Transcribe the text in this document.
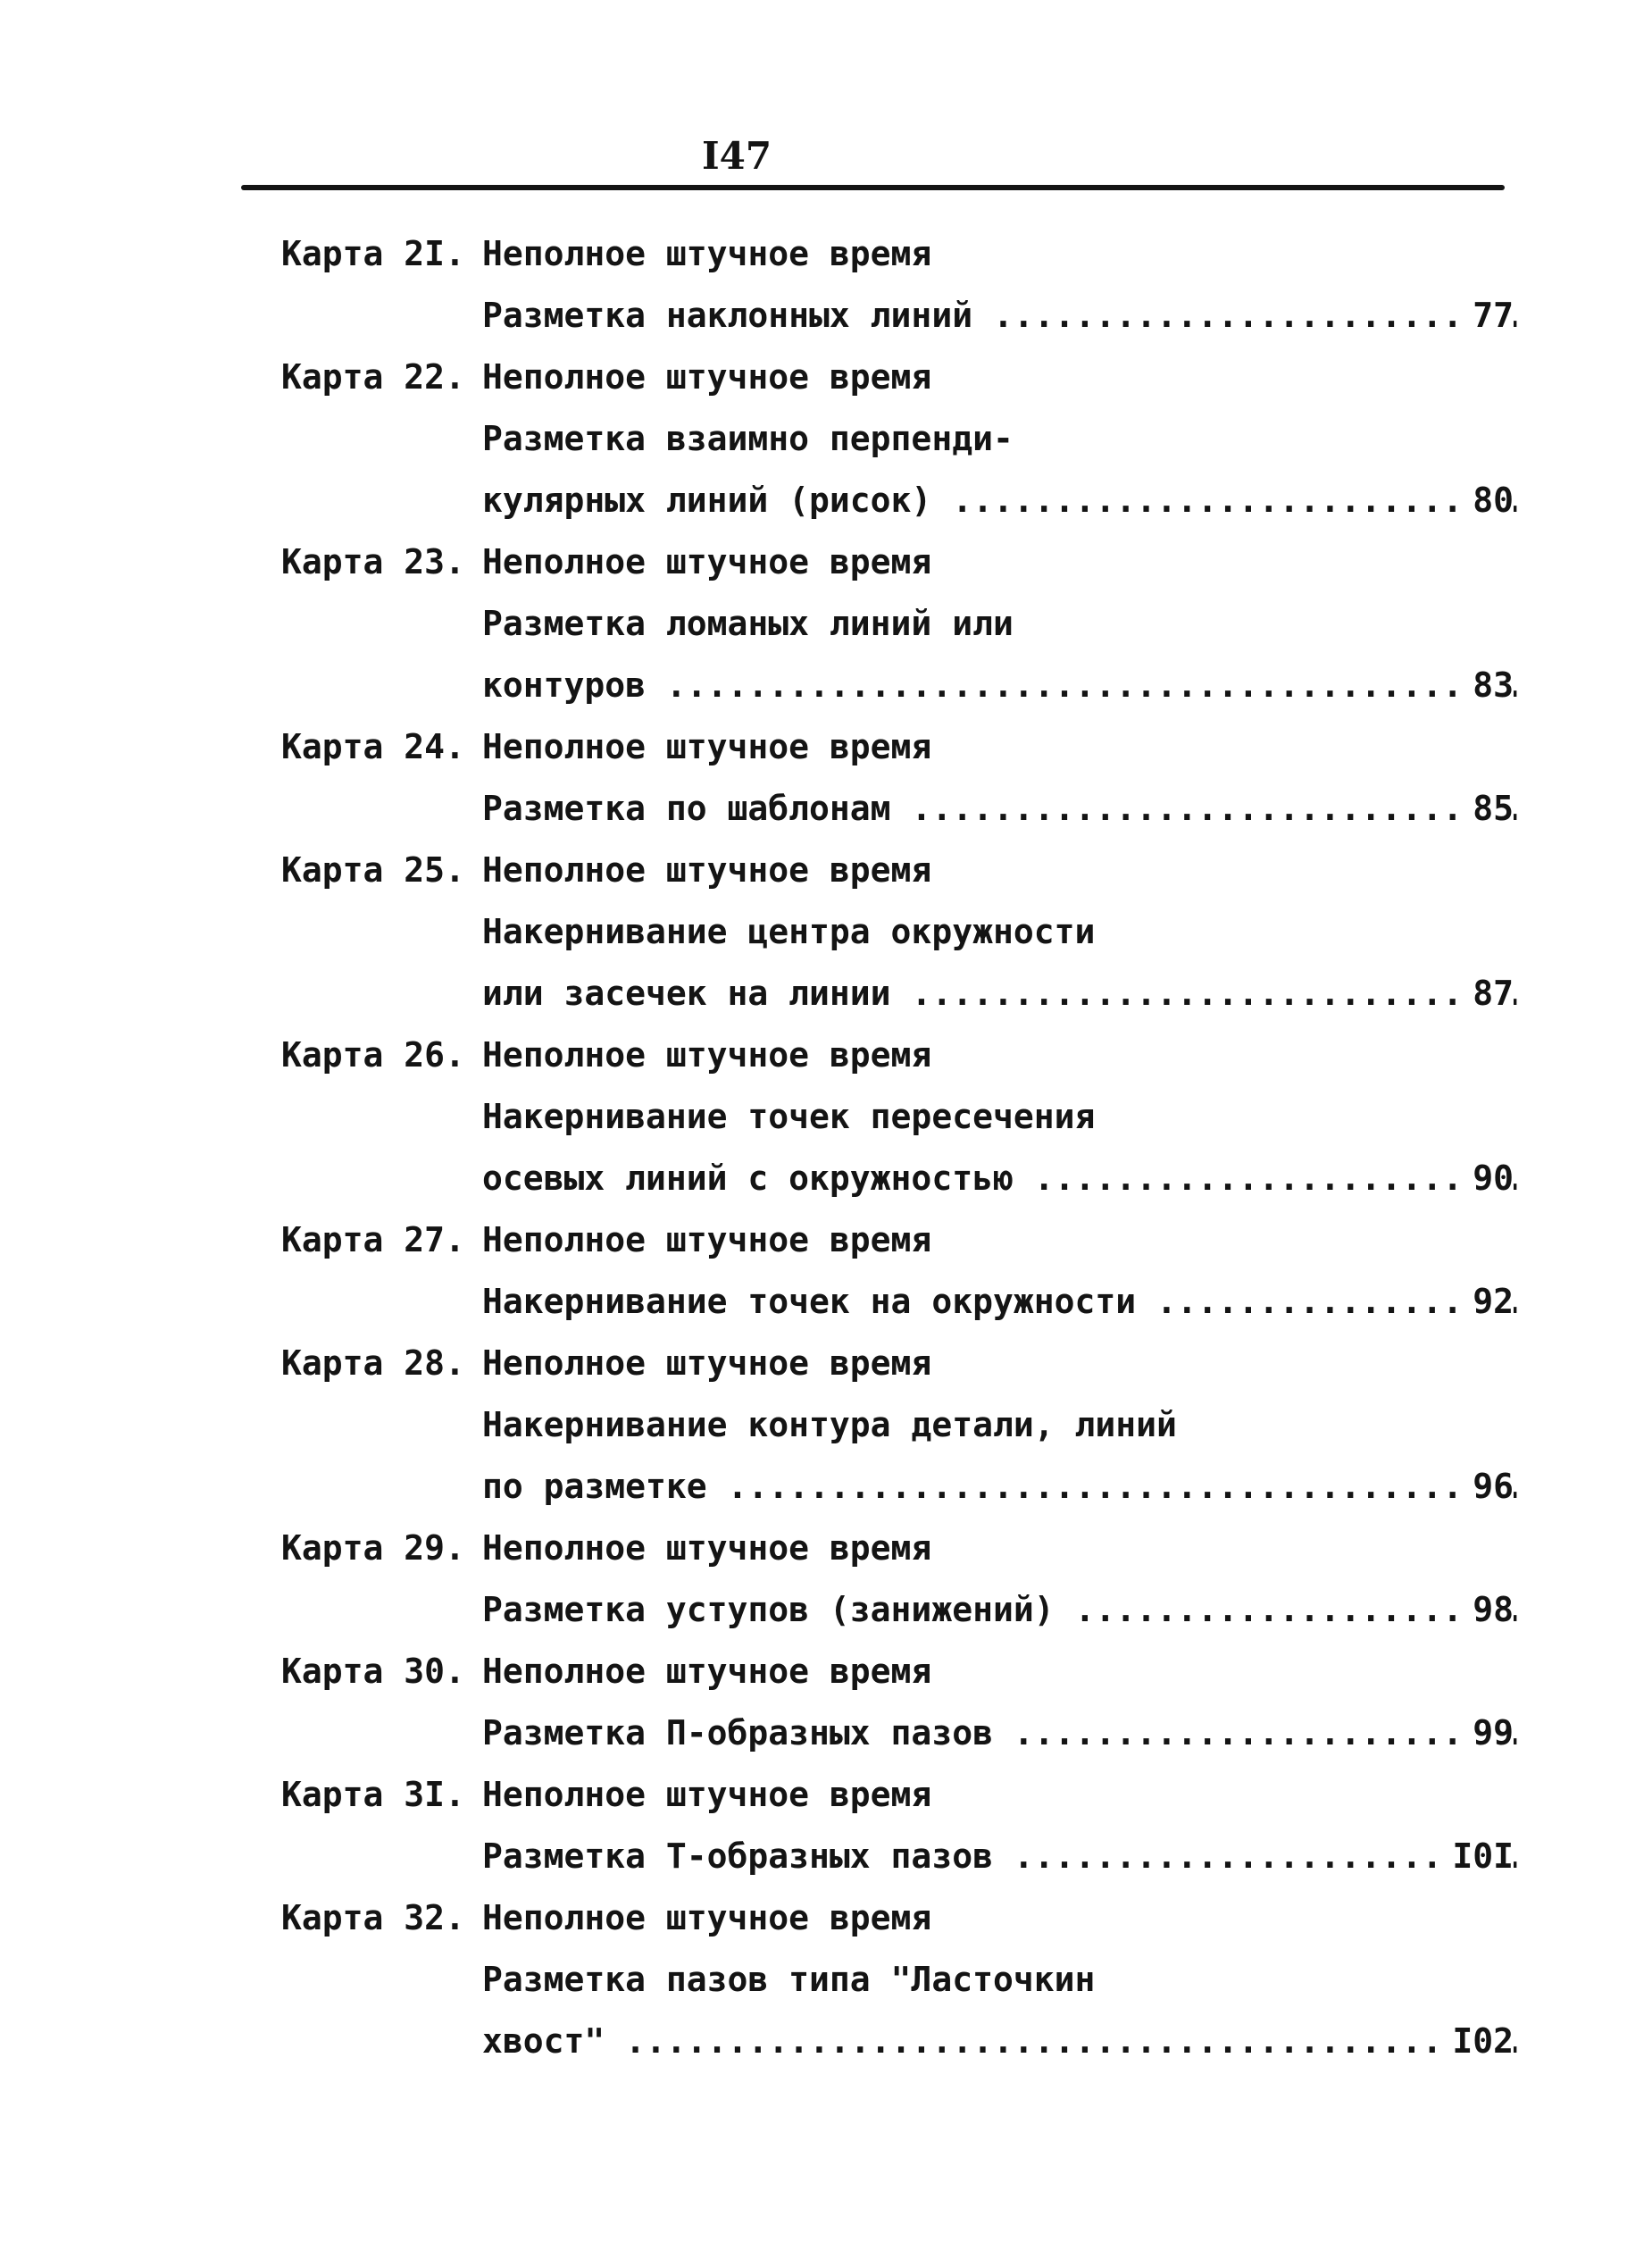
I47
Карта 2I. Неполное штучное время
Разметка наклонных линий .....	77
Карта 22. Неполное штучное время
Разметка взаимно перпенди-
кулярных линий (рисок) .....	80
Карта 23. Неполное штучное время
Разметка ломаных линий или
контуров .....	83
Карта 24. Неполное штучное время
Разметка по шаблонам .....	85
Карта 25. Неполное штучное время
Накернивание центра окружности
или засечек на линии .....	87
Карта 26. Неполное штучное время
Накернивание точек пересечения
осевых линий с окружностью .....	90
Карта 27. Неполное штучное время
Накернивание точек на окружности .....	92
Карта 28. Неполное штучное время
Накернивание контура детали, линий
по разметке .....	96
Карта 29. Неполное штучное время
Разметка уступов (занижений) .....	98
Карта 30. Неполное штучное время
Разметка П-образных пазов .....	99
Карта 3I. Неполное штучное время
Разметка Т-образных пазов .....	I0I
Карта 32. Неполное штучное время
Разметка пазов типа "Ласточкин
хвост" .....	I02
